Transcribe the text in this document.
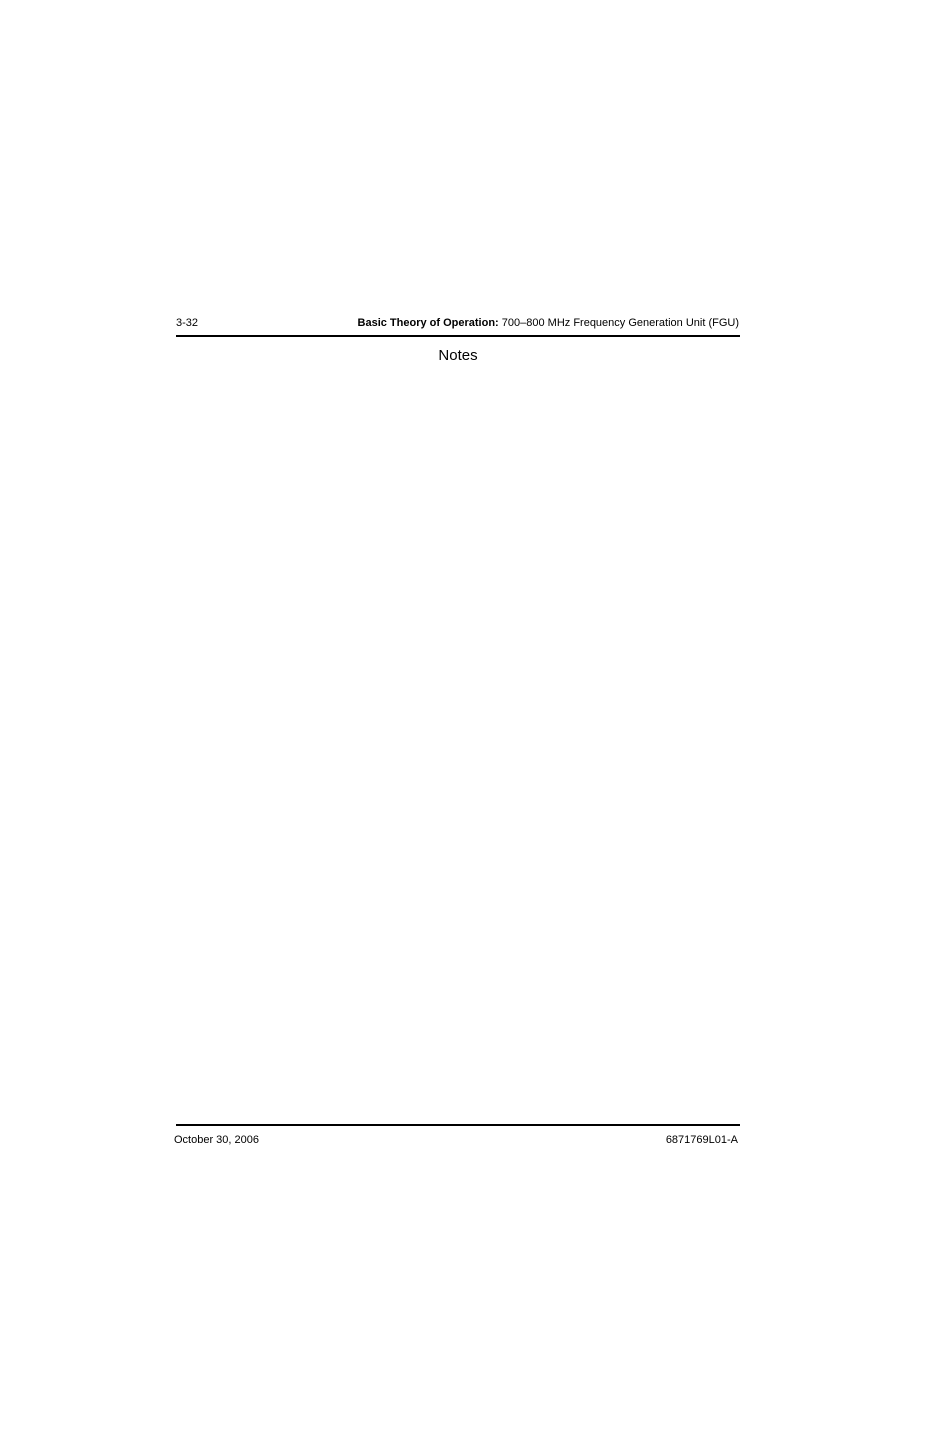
3-32	Basic Theory of Operation: 700–800 MHz Frequency Generation Unit (FGU)
Notes
October 30, 2006	6871769L01-A
